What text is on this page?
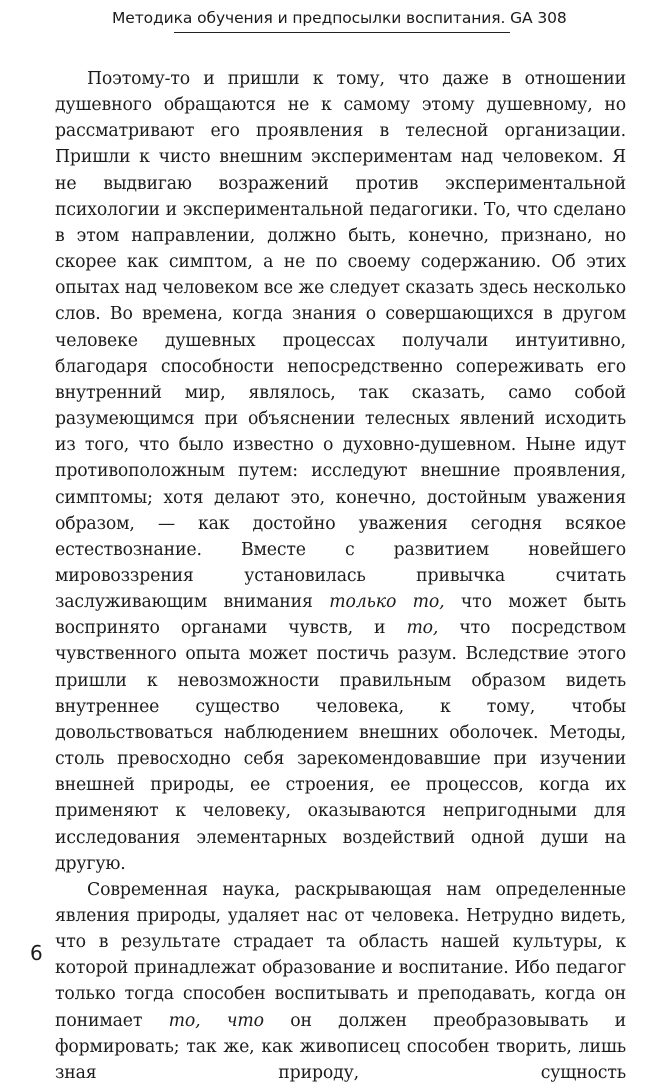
Методика обучения и предпосылки воспитания. GA 308

Поэтому-то и пришли к тому, что даже в отношении душевного обращаются не к самому этому душевному, но рассматривают его проявления в телесной организации. Пришли к чисто внешним экспериментам над человеком. Я не выдвигаю возражений против экспериментальной психологии и экспериментальной педагогики. То, что сделано в этом направлении, должно быть, конечно, признано, но скорее как симптом, а не по своему содержанию. Об этих опытах над человеком все же следует сказать здесь несколько слов. Во времена, когда знания о совершающихся в другом человеке душевных процессах получали интуитивно, благодаря способности непосредственно сопереживать его внутренний мир, являлось, так сказать, само собой разумеющимся при объяснении телесных явлений исходить из того, что было известно о духовно-душевном. Ныне идут противоположным путем: исследуют внешние проявления, симптомы; хотя делают это, конечно, достойным уважения образом, — как достойно уважения сегодня всякое естествознание. Вместе с развитием новейшего мировоззрения установилась привычка считать заслуживающим внимания только то, что может быть воспринято органами чувств, и то, что посредством чувственного опыта может постичь разум. Вследствие этого пришли к невозможности правильным образом видеть внутреннее существо человека, к тому, чтобы довольствоваться наблюдением внешних оболочек. Методы, столь превосходно себя зарекомендовавшие при изучении внешней природы, ее строения, ее процессов, когда их применяют к человеку, оказываются непригодными для исследования элементарных воздействий одной души на другую.

Современная наука, раскрывающая нам определенные явления природы, удаляет нас от человека. Нетрудно видеть, что в результате страдает та область нашей культуры, к которой принадлежат образование и воспитание. Ибо педагог только тогда способен воспитывать и преподавать, когда он понимает то, что он должен преобразовывать и формировать; так же, как живописец способен творить, лишь зная природу, сущность

6
